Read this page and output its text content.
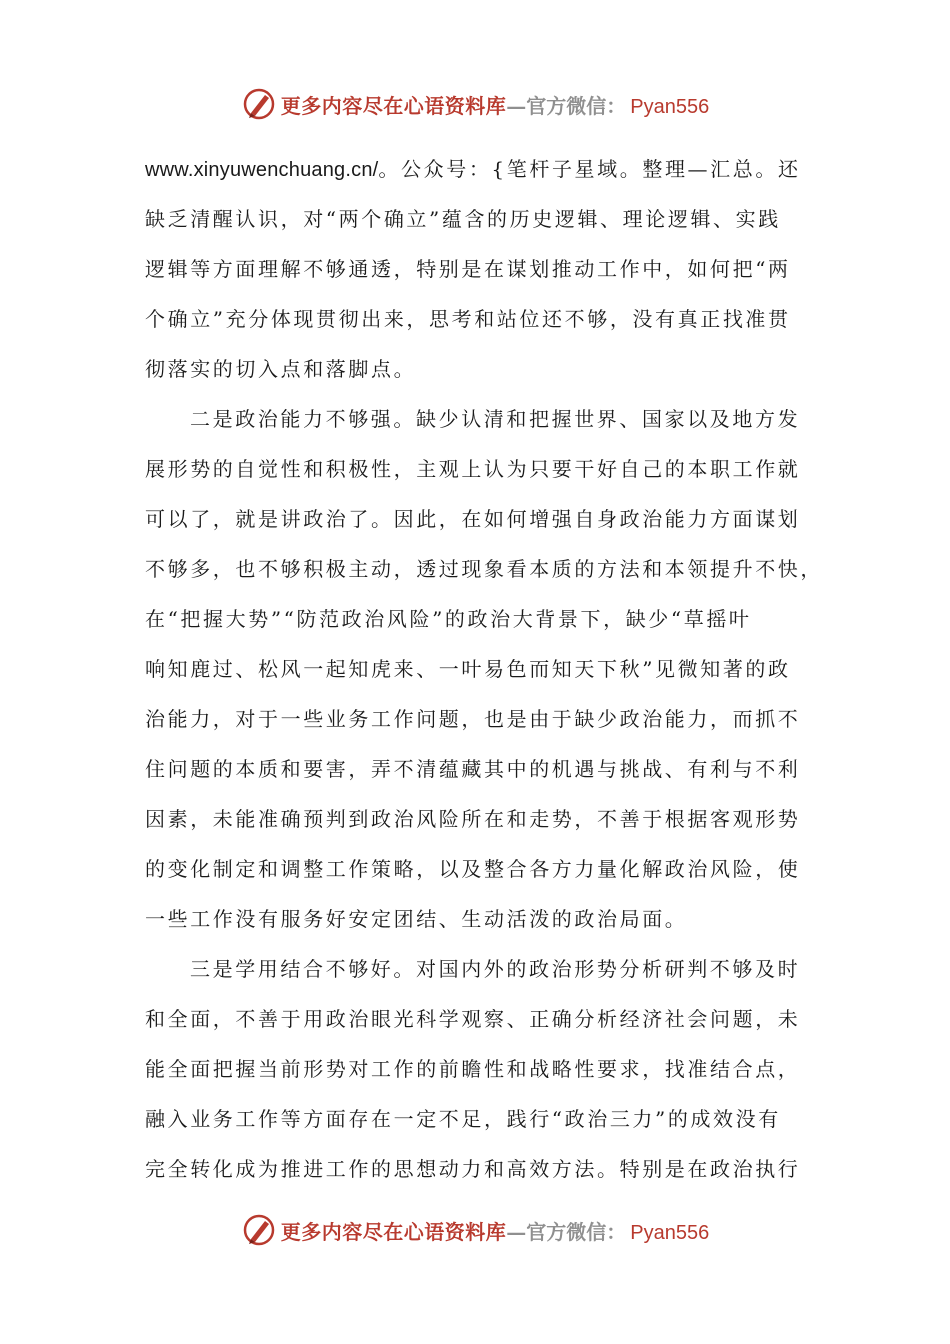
更多内容尽在心语资料库 — 官方微信： Pyan556
www.xinyuwenchuang.cn/。公众号：{笔杆子星域。整理—汇总。还
缺乏清醒认识，对“两个确立”蕴含的历史逻辑、理论逻辑、实践
逻辑等方面理解不够通透，特别是在谋划推动工作中，如何把“两
个确立”充分体现贯彻出来，思考和站位还不够，没有真正找准贯
彻落实的切入点和落脚点。
二是政治能力不够强。缺少认清和把握世界、国家以及地方发
展形势的自觉性和积极性，主观上认为只要干好自己的本职工作就
可以了，就是讲政治了。因此，在如何增强自身政治能力方面谋划
不够多，也不够积极主动，透过现象看本质的方法和本领提升不快，
在“把握大势”“防范政治风险”的政治大背景下，缺少“草摇叶
响知鹿过、松风一起知虎来、一叶易色而知天下秋”见微知著的政
治能力，对于一些业务工作问题，也是由于缺少政治能力，而抓不
住问题的本质和要害，弄不清蕴藏其中的机遇与挑战、有利与不利
因素，未能准确预判到政治风险所在和走势，不善于根据客观形势
的变化制定和调整工作策略，以及整合各方力量化解政治风险，使
一些工作没有服务好安定团结、生动活泼的政治局面。
三是学用结合不够好。对国内外的政治形势分析研判不够及时
和全面，不善于用政治眼光科学观察、正确分析经济社会问题，未
能全面把握当前形势对工作的前瞻性和战略性要求，找准结合点，
融入业务工作等方面存在一定不足，践行“政治三力”的成效没有
完全转化成为推进工作的思想动力和高效方法。特别是在政治执行
更多内容尽在心语资料库 — 官方微信： Pyan556
